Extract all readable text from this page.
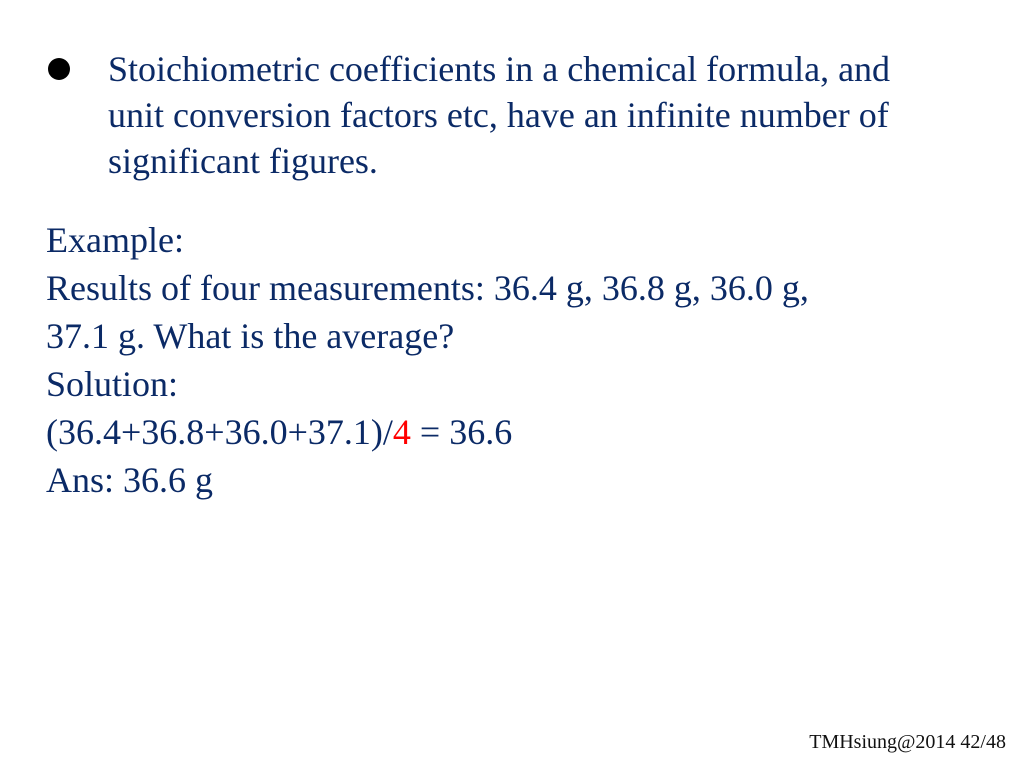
Stoichiometric coefficients in a chemical formula, and unit conversion factors etc, have an infinite number of significant figures.
Example:
Results of four measurements: 36.4 g, 36.8 g, 36.0 g,
37.1 g. What is the average?
Solution:
(36.4+36.8+36.0+37.1)/4 = 36.6
Ans: 36.6 g
TMHsiung@2014 42/48
